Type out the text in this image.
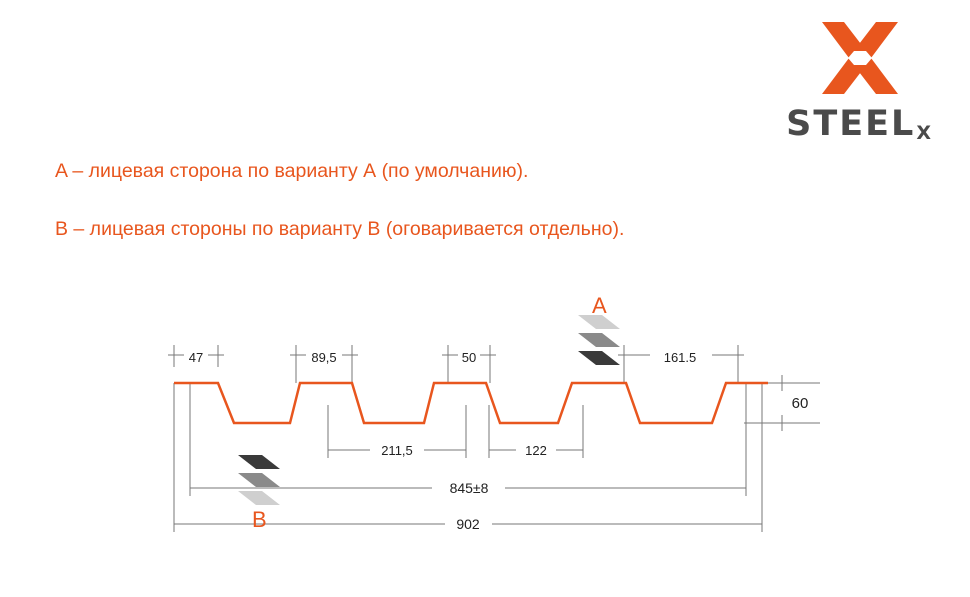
STEELX
A – лицевая сторона по варианту А (по умолчанию).
B – лицевая стороны по варианту B (оговаривается отдельно).
47	89,5	50	161.5
60
211,5	122
845±8
902
A
B
